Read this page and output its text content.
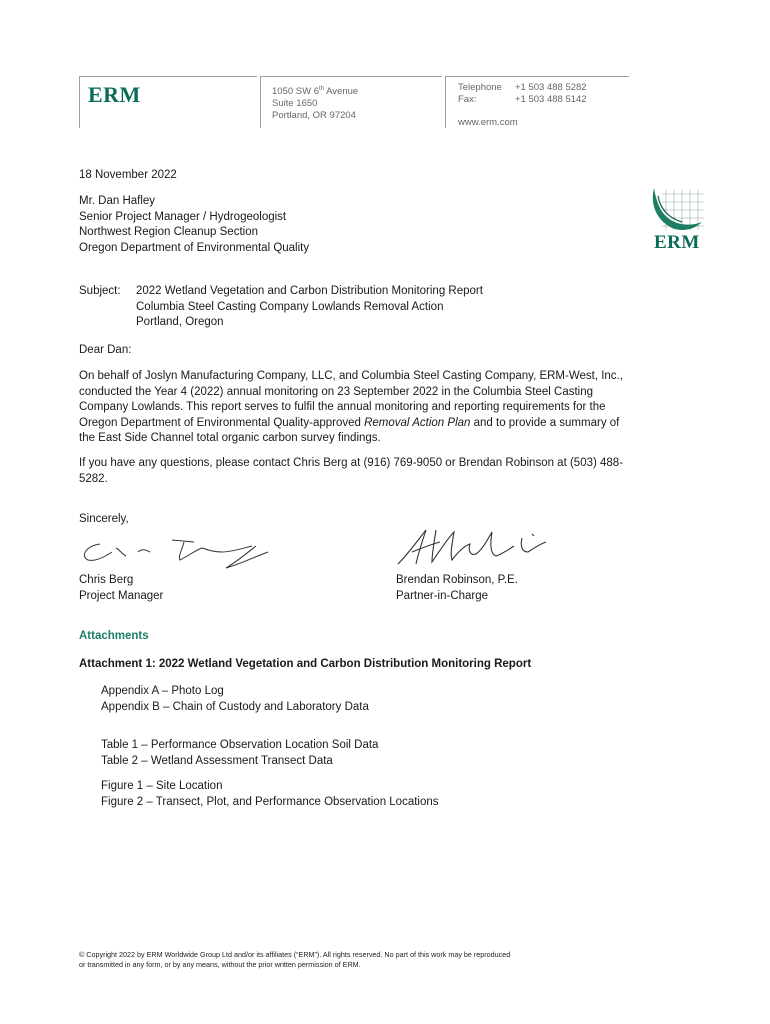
ERM	1050 SW 6th Avenue
Suite 1650
Portland, OR 97204
Telephone +1 503 488 5282
Fax:	+1 503 488 5142
www.erm.com
ERM
18 November 2022
Mr. Dan Hafley
Senior Project Manager / Hydrogeologist
Northwest Region Cleanup Section
Oregon Department of Environmental Quality
Subject: 2022 Wetland Vegetation and Carbon Distribution Monitoring Report
Columbia Steel Casting Company Lowlands Removal Action
Portland, Oregon
Dear Dan:
On behalf of Joslyn Manufacturing Company, LLC, and Columbia Steel Casting Company, ERM-West, Inc., conducted the Year 4 (2022) annual monitoring on 23 September 2022 in the Columbia Steel Casting Company Lowlands. This report serves to fulfil the annual monitoring and reporting requirements for the Oregon Department of Environmental Quality-approved Removal Action Plan and to provide a summary of the East Side Channel total organic carbon survey findings.
If you have any questions, please contact Chris Berg at (916) 769-9050 or Brendan Robinson at (503) 488-5282.
Sincerely,
Chris Berg
Project Manager
Brendan Robinson, P.E.
Partner-in-Charge
Attachments
Attachment 1: 2022 Wetland Vegetation and Carbon Distribution Monitoring Report
Appendix A – Photo Log
Appendix B – Chain of Custody and Laboratory Data
Table 1 – Performance Observation Location Soil Data
Table 2 – Wetland Assessment Transect Data
Figure 1 – Site Location
Figure 2 – Transect, Plot, and Performance Observation Locations
© Copyright 2022 by ERM Worldwide Group Ltd and/or its affiliates (“ERM”). All rights reserved. No part of this work may be reproduced
or transmitted in any form, or by any means, without the prior written permission of ERM.
